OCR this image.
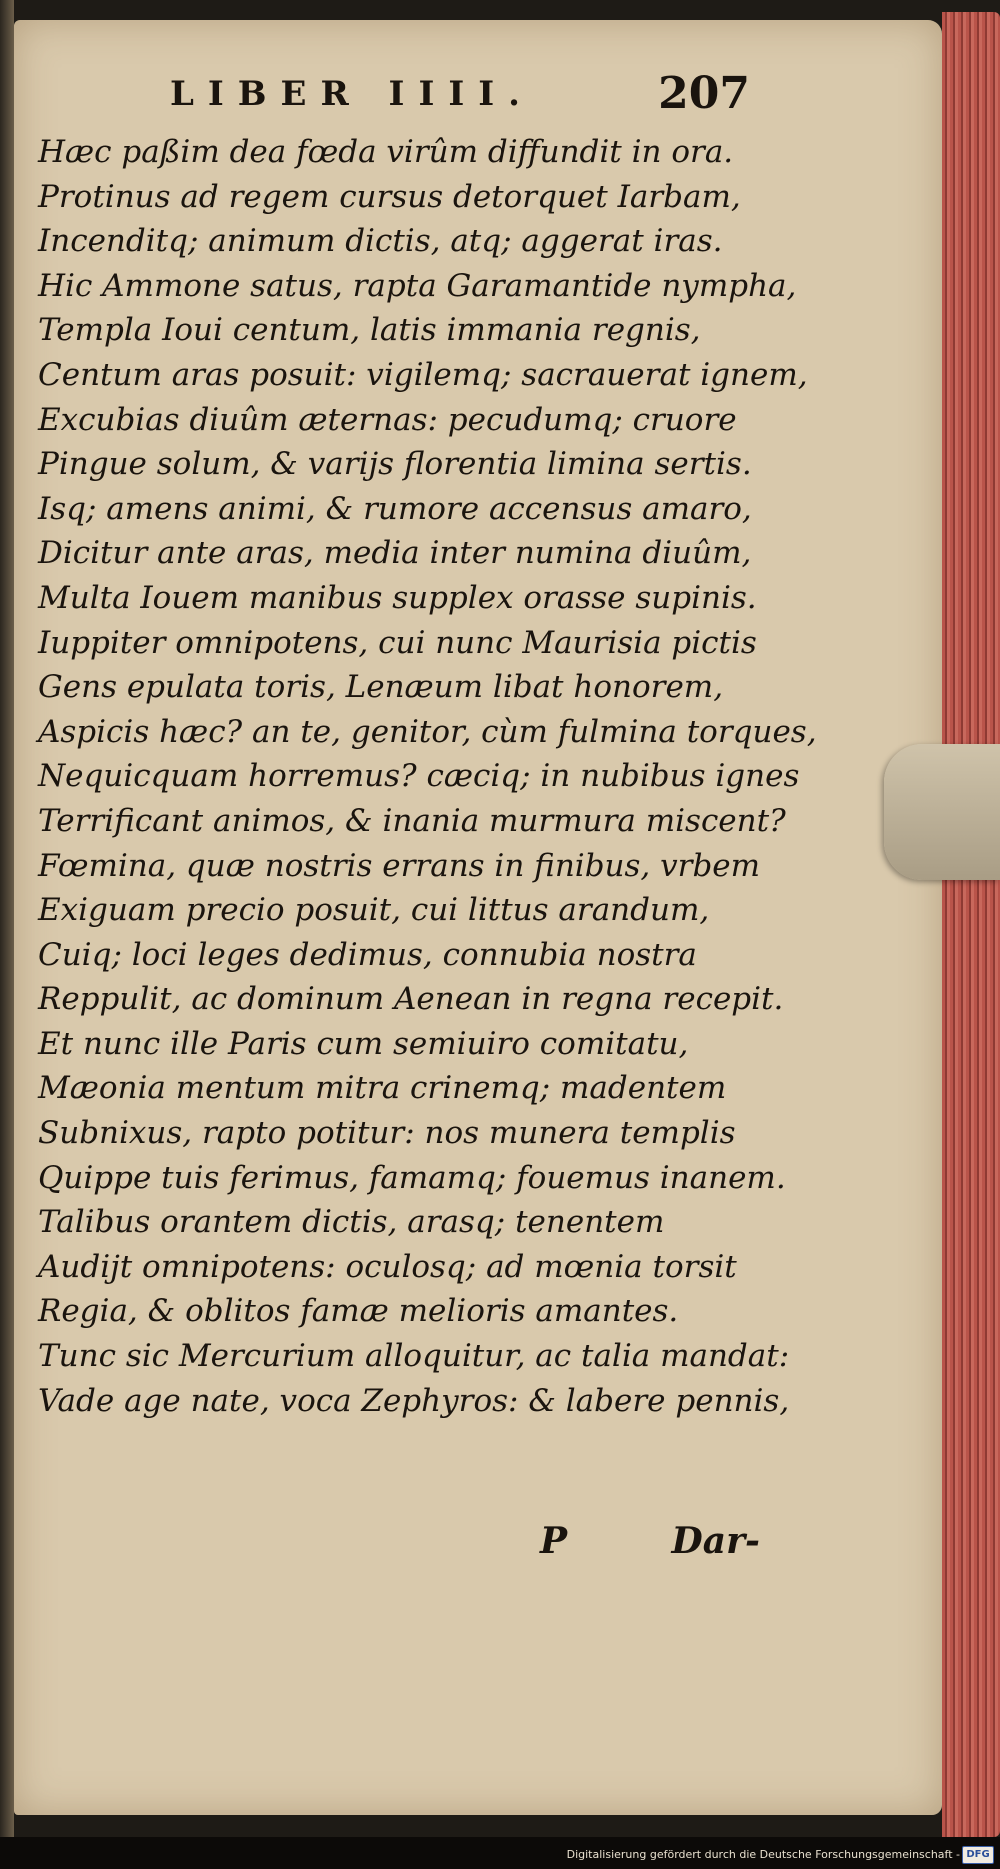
LIBER IIII.	207
Hæc paßim dea fœda virûm diffundit in ora.
Protinus ad regem cursus detorquet Iarbam,
Incenditq; animum dictis, atq; aggerat iras.
Hic Ammone satus, rapta Garamantide nympha,
Templa Ioui centum, latis immania regnis,
Centum aras posuit: vigilemq; sacrauerat ignem,
Excubias diuûm æternas: pecudumq; cruore
Pingue solum, & varijs florentia limina sertis.
Isq; amens animi, & rumore accensus amaro,
Dicitur ante aras, media inter numina diuûm,
Multa Iouem manibus supplex orasse supinis.
Iuppiter omnipotens, cui nunc Maurisia pictis
Gens epulata toris, Lenæum libat honorem,
Aspicis hæc? an te, genitor, cùm fulmina torques,
Nequicquam horremus? cæciq; in nubibus ignes
Terrificant animos, & inania murmura miscent?
Fœmina, quæ nostris errans in finibus, vrbem
Exiguam precio posuit, cui littus arandum,
Cuiq; loci leges dedimus, connubia nostra
Reppulit, ac dominum Aenean in regna recepit.
Et nunc ille Paris cum semiuiro comitatu,
Mæonia mentum mitra crinemq; madentem
Subnixus, rapto potitur: nos munera templis
Quippe tuis ferimus, famamq; fouemus inanem.
Talibus orantem dictis, arasq; tenentem
Audijt omnipotens: oculosq; ad mœnia torsit
Regia, & oblitos famæ melioris amantes.
Tunc sic Mercurium alloquitur, ac talia mandat:
Vade age nate, voca Zephyros: & labere pennis,
P	Dar-
Digitalisierung gefördert durch die Deutsche Forschungsgemeinschaft - DFG
